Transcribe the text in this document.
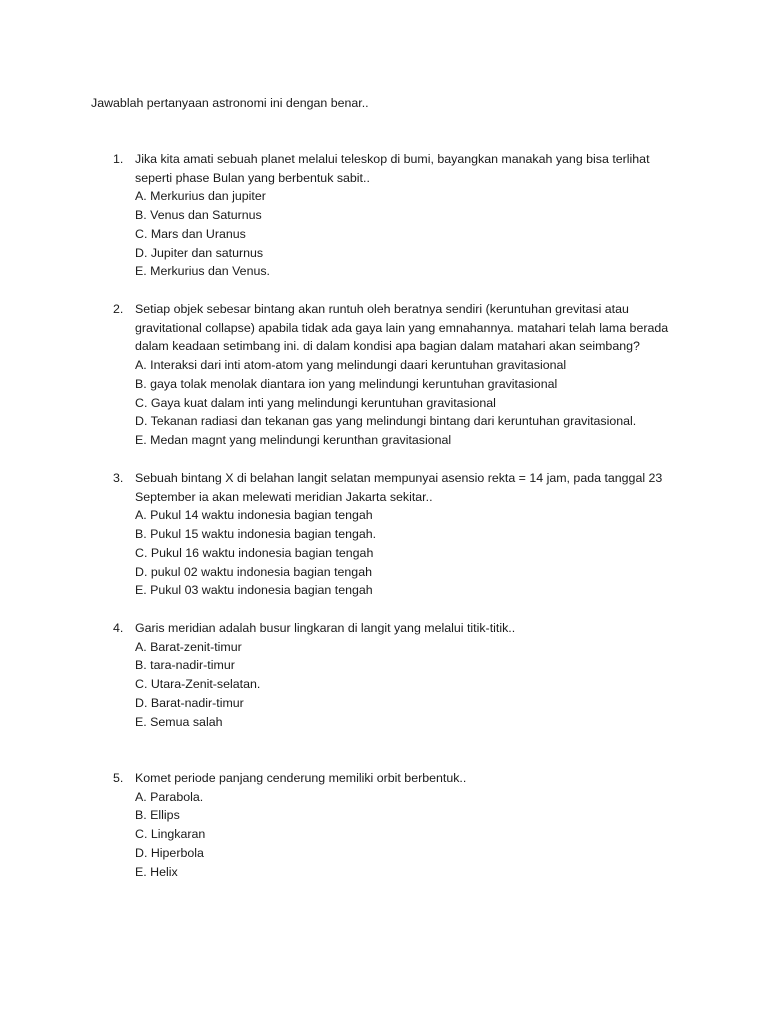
Jawablah pertanyaan astronomi ini dengan benar..
1. Jika kita amati sebuah planet melalui teleskop di bumi, bayangkan manakah yang bisa terlihat
seperti phase Bulan yang berbentuk sabit..
A. Merkurius dan jupiter
B. Venus dan Saturnus
C. Mars dan Uranus
D. Jupiter dan saturnus
E. Merkurius dan Venus.
2. Setiap objek sebesar bintang akan runtuh oleh beratnya sendiri (keruntuhan grevitasi atau
gravitational collapse) apabila tidak ada gaya lain yang emnahannya. matahari telah lama berada
dalam keadaan setimbang ini. di dalam kondisi apa bagian dalam matahari akan seimbang?
A. Interaksi dari inti atom-atom yang melindungi daari keruntuhan gravitasional
B. gaya tolak menolak diantara ion yang melindungi keruntuhan gravitasional
C. Gaya kuat dalam inti yang melindungi keruntuhan gravitasional
D. Tekanan radiasi dan tekanan gas yang melindungi bintang dari keruntuhan gravitasional.
E. Medan magnt yang melindungi kerunthan gravitasional
3. Sebuah bintang X di belahan langit selatan mempunyai asensio rekta = 14 jam, pada tanggal 23
September ia akan melewati meridian Jakarta sekitar..
A. Pukul 14 waktu indonesia bagian tengah
B. Pukul 15 waktu indonesia bagian tengah.
C. Pukul 16 waktu indonesia bagian tengah
D. pukul 02 waktu indonesia bagian tengah
E. Pukul 03 waktu indonesia bagian tengah
4. Garis meridian adalah busur lingkaran di langit yang melalui titik-titik..
A. Barat-zenit-timur
B. tara-nadir-timur
C. Utara-Zenit-selatan.
D. Barat-nadir-timur
E. Semua salah
5. Komet periode panjang cenderung memiliki orbit berbentuk..
A. Parabola.
B. Ellips
C. Lingkaran
D. Hiperbola
E. Helix
